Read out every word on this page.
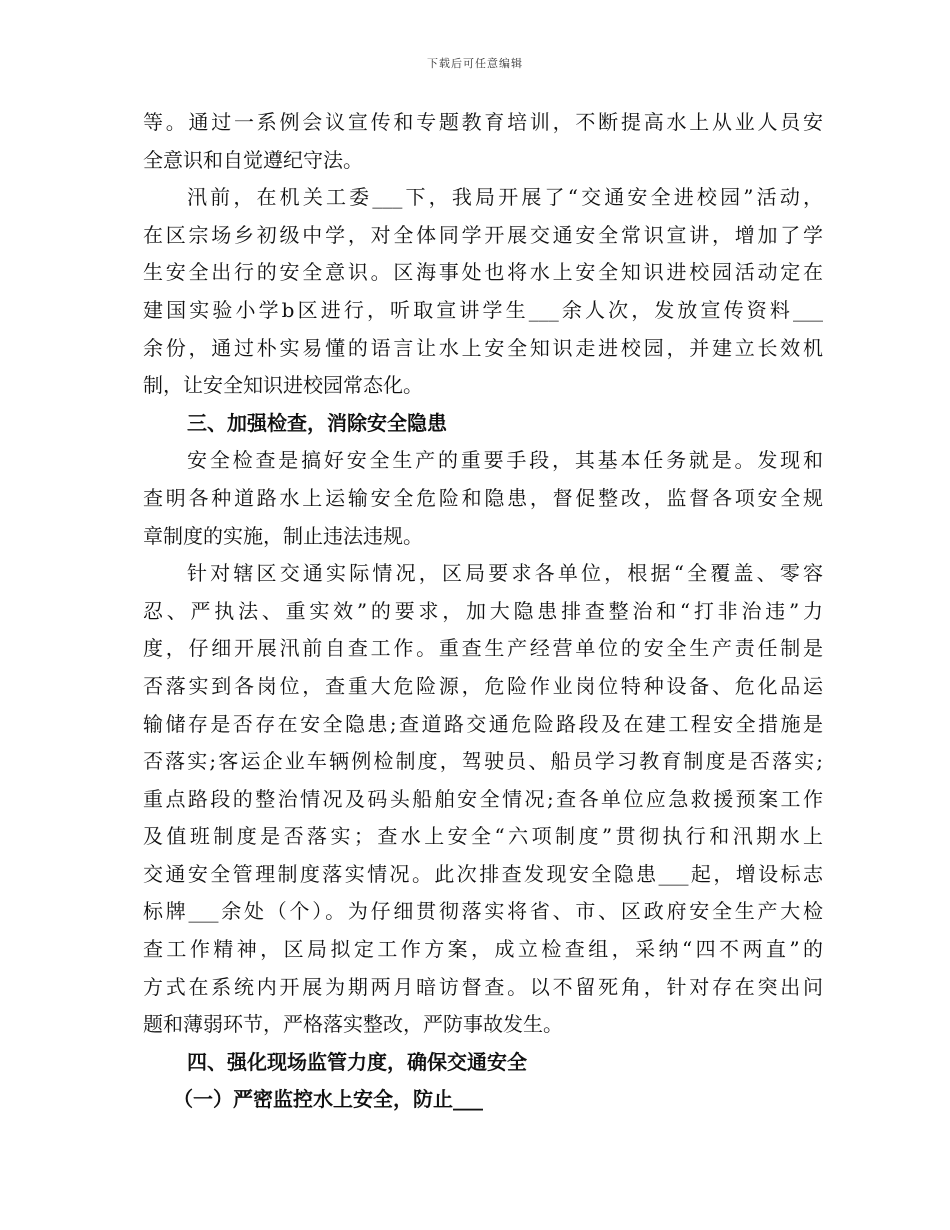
下载后可任意编辑
等。通过一系例会议宣传和专题教育培训，不断提高水上从业人员安
全意识和自觉遵纪守法。
汛前，在机关工委___下，我局开展了“交通安全进校园”活动，
在区宗场乡初级中学，对全体同学开展交通安全常识宣讲，增加了学
生安全出行的安全意识。区海事处也将水上安全知识进校园活动定在
建国实验小学b区进行，听取宣讲学生___余人次，发放宣传资料___
余份，通过朴实易懂的语言让水上安全知识走进校园，并建立长效机
制，让安全知识进校园常态化。
三、加强检查，消除安全隐患
安全检查是搞好安全生产的重要手段，其基本任务就是。发现和
查明各种道路水上运输安全危险和隐患，督促整改，监督各项安全规
章制度的实施，制止违法违规。
针对辖区交通实际情况，区局要求各单位，根据“全覆盖、零容
忍、严执法、重实效”的要求，加大隐患排查整治和“打非治违”力
度，仔细开展汛前自查工作。重查生产经营单位的安全生产责任制是
否落实到各岗位，查重大危险源，危险作业岗位特种设备、危化品运
输储存是否存在安全隐患;查道路交通危险路段及在建工程安全措施是
否落实;客运企业车辆例检制度，驾驶员、船员学习教育制度是否落实;
重点路段的整治情况及码头船舶安全情况;查各单位应急救援预案工作
及值班制度是否落实；查水上安全“六项制度”贯彻执行和汛期水上
交通安全管理制度落实情况。此次排查发现安全隐患___起，增设标志
标牌___余处（个）。为仔细贯彻落实将省、市、区政府安全生产大检
查工作精神，区局拟定工作方案，成立检查组，采纳“四不两直”的
方式在系统内开展为期两月暗访督查。以不留死角，针对存在突出问
题和薄弱环节，严格落实整改，严防事故发生。
四、强化现场监管力度，确保交通安全
（一）严密监控水上安全，防止___
